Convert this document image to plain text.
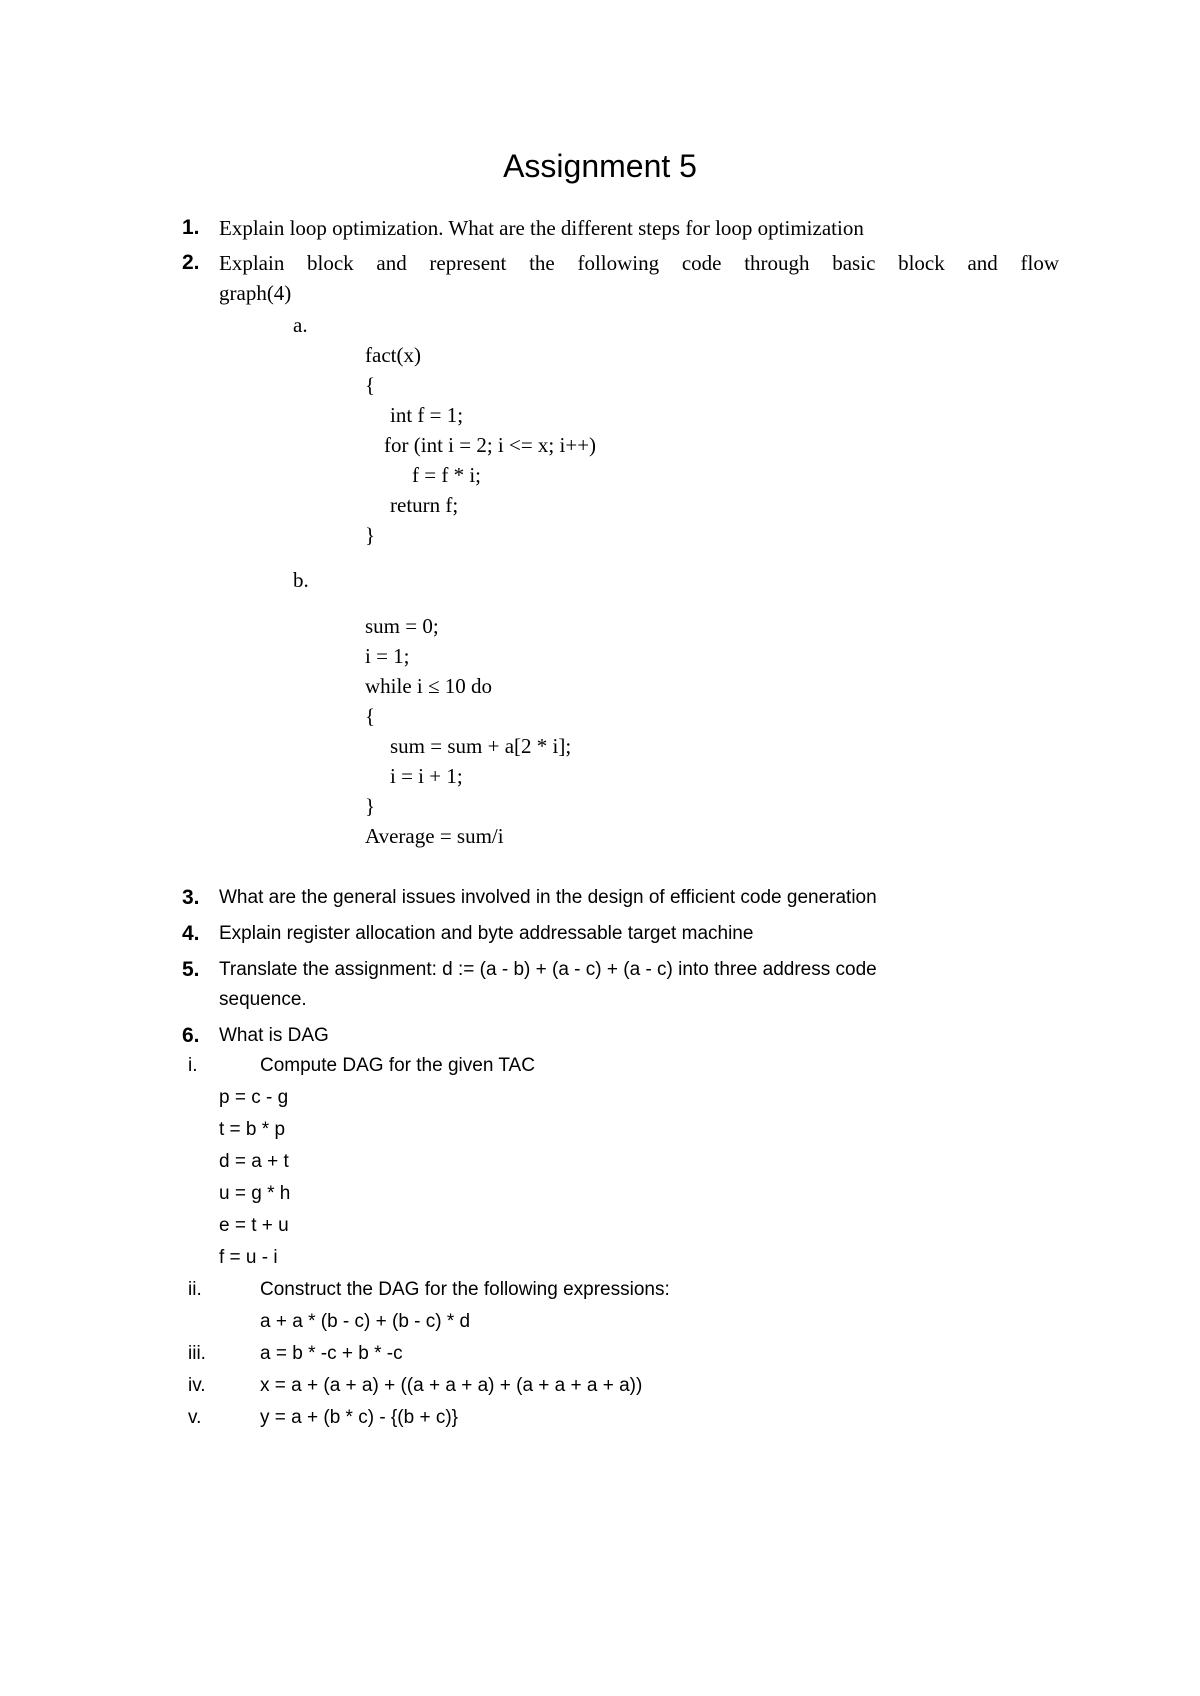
Assignment 5
1. Explain loop optimization. What are the different steps for loop optimization
2. Explain block and represent the following code through basic block and flow
graph(4)
a.
fact(x)
{
int f = 1;
for (int i = 2; i <= x; i++)
f = f * i;
return f;
}
b.
sum = 0;
i = 1;
while i ≤ 10 do
{
sum = sum + a[2 * i];
i = i + 1;
}
Average = sum/i
3. What are the general issues involved in the design of efficient code generation
4. Explain register allocation and byte addressable target machine
5. Translate the assignment: d := (a - b) + (a - c) + (a - c) into three address code
sequence.
6. What is DAG
i.	Compute DAG for the given TAC
p = c - g
t = b * p
d = a + t
u = g * h
e = t + u
f = u - i
ii.	Construct the DAG for the following expressions:
a + a * (b - c) + (b - c) * d
iii.	a = b * -c + b * -c
iv.	x = a + (a + a) + ((a + a + a) + (a + a + a + a))
v.	y = a + (b * c) - {(b + c)}
